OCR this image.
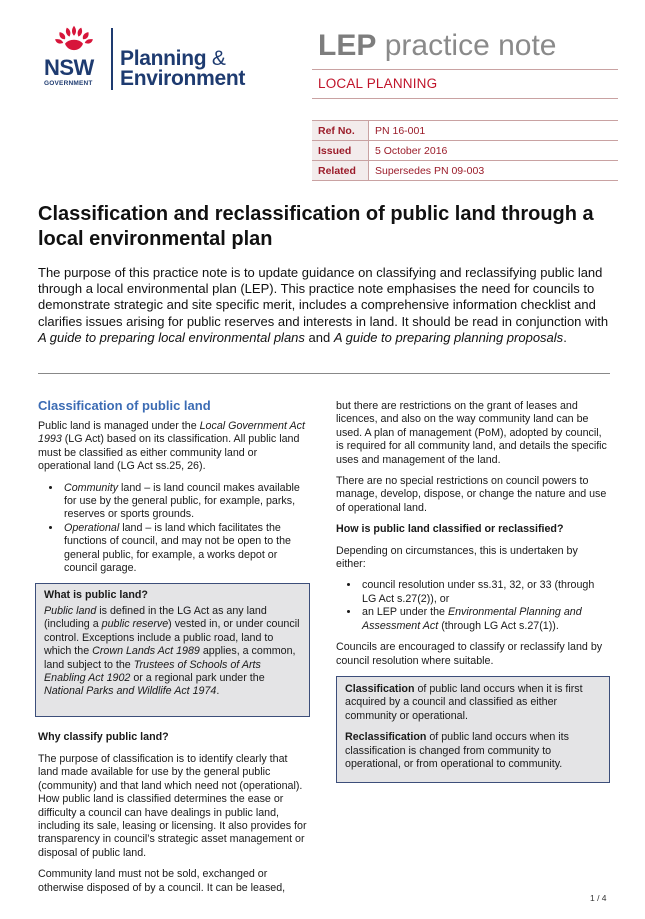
NSW
GOVERNMENT
Planning &
Environment
LEP practice note
LOCAL PLANNING
Ref No.	PN 16-001
Issued	5 October 2016
Related	Supersedes PN 09-003
Classification and reclassification of public land through a local environmental plan
The purpose of this practice note is to update guidance on classifying and reclassifying public land through a local environmental plan (LEP). This practice note emphasises the need for councils to demonstrate strategic and site specific merit, includes a comprehensive information checklist and clarifies issues arising for public reserves and interests in land. It should be read in conjunction with A guide to preparing local environmental plans and A guide to preparing planning proposals.
Classification of public land

Public land is managed under the Local Government Act 1993 (LG Act) based on its classification. All public land must be classified as either community land or operational land (LG Act ss.25, 26).

• Community land – is land council makes available for use by the general public, for example, parks, reserves or sports grounds.
• Operational land – is land which facilitates the functions of council, and may not be open to the general public, for example, a works depot or council garage.

What is public land?

Public land is defined in the LG Act as any land (including a public reserve) vested in, or under council control. Exceptions include a public road, land to which the Crown Lands Act 1989 applies, a common, land subject to the Trustees of Schools of Arts Enabling Act 1902 or a regional park under the National Parks and Wildlife Act 1974.

Why classify public land?

The purpose of classification is to identify clearly that land made available for use by the general public (community) and that land which need not (operational). How public land is classified determines the ease or difficulty a council can have dealings in public land, including its sale, leasing or licensing. It also provides for transparency in council’s strategic asset management or disposal of public land.

Community land must not be sold, exchanged or otherwise disposed of by a council. It can be leased,

but there are restrictions on the grant of leases and licences, and also on the way community land can be used. A plan of management (PoM), adopted by council, is required for all community land, and details the specific uses and management of the land.

There are no special restrictions on council powers to manage, develop, dispose, or change the nature and use of operational land.

How is public land classified or reclassified?

Depending on circumstances, this is undertaken by either:

• council resolution under ss.31, 32, or 33 (through LG Act s.27(2)), or
• an LEP under the Environmental Planning and Assessment Act (through LG Act s.27(1)).

Councils are encouraged to classify or reclassify land by council resolution where suitable.

Classification of public land occurs when it is first acquired by a council and classified as either community or operational.

Reclassification of public land occurs when its classification is changed from community to operational, or from operational to community.

1 / 4
